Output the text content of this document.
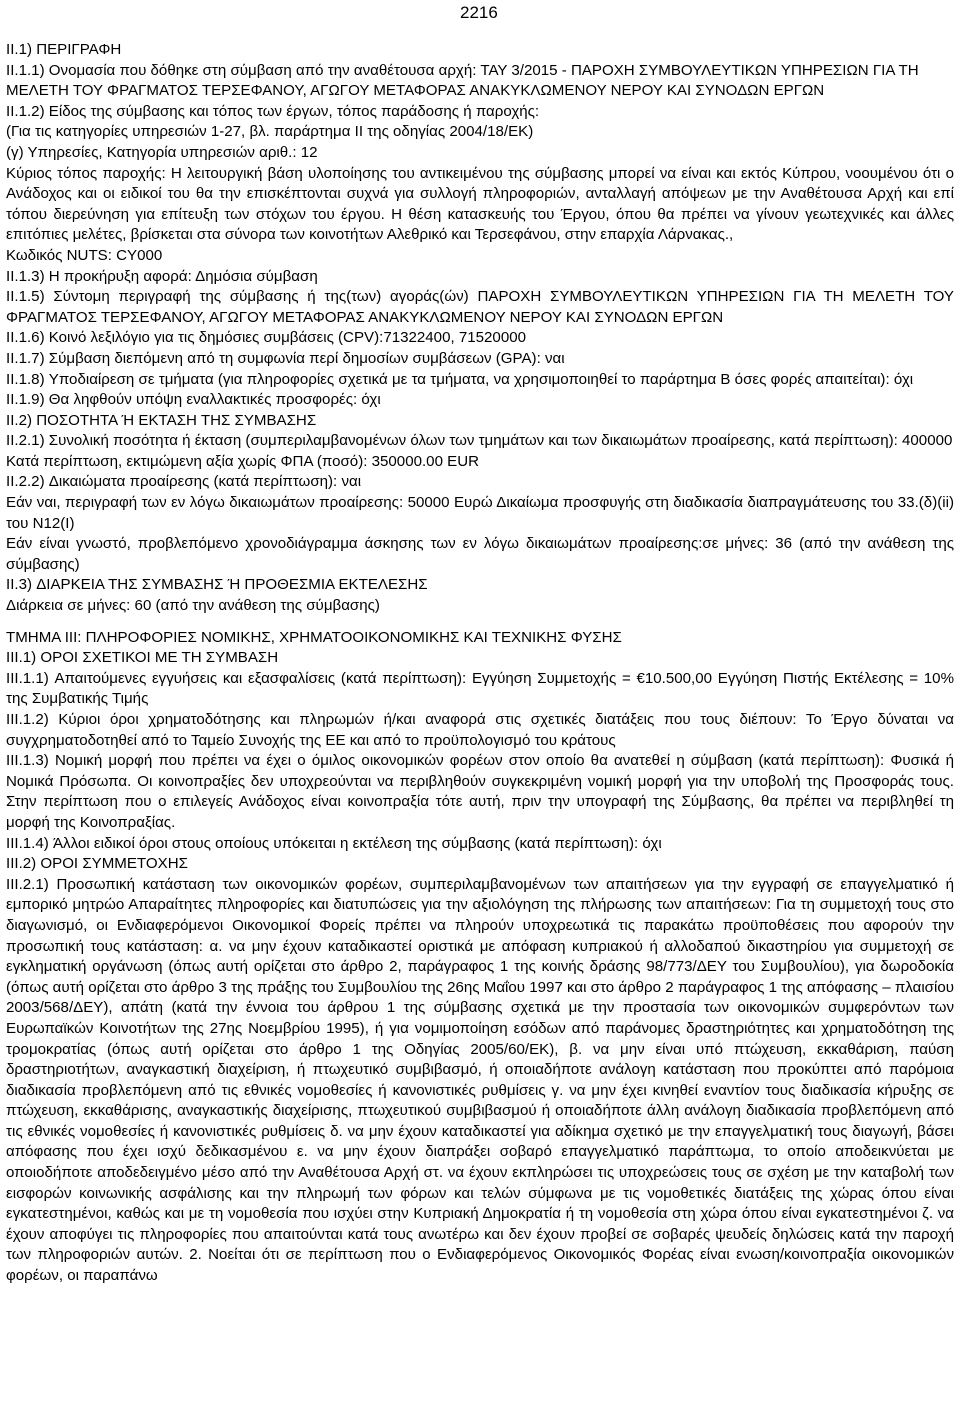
2216

II.1) ΠΕΡΙΓΡΑΦΗ

II.1.1) Ονομασία που δόθηκε στη σύμβαση από την αναθέτουσα αρχή: ΤΑΥ 3/2015 - ΠΑΡΟΧΗ ΣΥΜΒΟΥΛΕΥΤΙΚΩΝ ΥΠΗΡΕΣΙΩΝ ΓΙΑ ΤΗ ΜΕΛΕΤΗ ΤΟΥ ΦΡΑΓΜΑΤΟΣ ΤΕΡΣΕΦΑΝΟΥ, ΑΓΩΓΟΥ ΜΕΤΑΦΟΡΑΣ ΑΝΑΚΥΚΛΩΜΕΝΟΥ ΝΕΡΟΥ ΚΑΙ ΣΥΝΟΔΩΝ ΕΡΓΩΝ

II.1.2) Είδος της σύμβασης και τόπος των έργων, τόπος παράδοσης ή παροχής:

(Για τις κατηγορίες υπηρεσιών 1-27, βλ. παράρτημα II της οδηγίας 2004/18/ΕΚ)

(γ) Υπηρεσίες, Κατηγορία υπηρεσιών αριθ.: 12

Κύριος τόπος παροχής: Η λειτουργική βάση υλοποίησης του αντικειμένου της σύμβασης μπορεί να είναι και εκτός Κύπρου, νοουμένου ότι ο Ανάδοχος και οι ειδικοί του θα την επισκέπτονται συχνά για συλλογή πληροφοριών, ανταλλαγή απόψεων με την Αναθέτουσα Αρχή και επί τόπου διερεύνηση για επίτευξη των στόχων του έργου. Η θέση κατασκευής του Έργου, όπου θα πρέπει να γίνουν γεωτεχνικές και άλλες επιτόπιες μελέτες, βρίσκεται στα σύνορα των κοινοτήτων Αλεθρικό και Τερσεφάνου, στην επαρχία Λάρνακας.,

Κωδικός NUTS: CY000

II.1.3) Η προκήρυξη αφορά: Δημόσια σύμβαση

II.1.5) Σύντομη περιγραφή της σύμβασης ή της(των) αγοράς(ών) ΠΑΡΟΧΗ ΣΥΜΒΟΥΛΕΥΤΙΚΩΝ ΥΠΗΡΕΣΙΩΝ ΓΙΑ ΤΗ ΜΕΛΕΤΗ ΤΟΥ ΦΡΑΓΜΑΤΟΣ ΤΕΡΣΕΦΑΝΟΥ, ΑΓΩΓΟΥ ΜΕΤΑΦΟΡΑΣ ΑΝΑΚΥΚΛΩΜΕΝΟΥ ΝΕΡΟΥ ΚΑΙ ΣΥΝΟΔΩΝ ΕΡΓΩΝ

II.1.6) Κοινό λεξιλόγιο για τις δημόσιες συμβάσεις (CPV):71322400, 71520000

II.1.7) Σύμβαση διεπόμενη από τη συμφωνία περί δημοσίων συμβάσεων (GPA): ναι

II.1.8) Υποδιαίρεση σε τμήματα (για πληροφορίες σχετικά με τα τμήματα, να χρησιμοποιηθεί το παράρτημα B όσες φορές απαιτείται): όχι

II.1.9) Θα ληφθούν υπόψη εναλλακτικές προσφορές: όχι

II.2) ΠΟΣΟΤΗΤΑ Ή ΕΚΤΑΣΗ ΤΗΣ ΣΥΜΒΑΣΗΣ

II.2.1) Συνολική ποσότητα ή έκταση (συμπεριλαμβανομένων όλων των τμημάτων και των δικαιωμάτων προαίρεσης, κατά περίπτωση): 400000

Κατά περίπτωση, εκτιμώμενη αξία χωρίς ΦΠΑ (ποσό): 350000.00 EUR

II.2.2) Δικαιώματα προαίρεσης (κατά περίπτωση): ναι

Εάν ναι, περιγραφή των εν λόγω δικαιωμάτων προαίρεσης: 50000 Ευρώ Δικαίωμα προσφυγής στη διαδικασία διαπραγμάτευσης του 33.(δ)(ii) του Ν12(Ι)

Εάν είναι γνωστό, προβλεπόμενο χρονοδιάγραμμα άσκησης των εν λόγω δικαιωμάτων προαίρεσης:σε μήνες: 36 (από την ανάθεση της σύμβασης)

II.3) ΔΙΑΡΚΕΙΑ ΤΗΣ ΣΥΜΒΑΣΗΣ Ή ΠΡΟΘΕΣΜΙΑ ΕΚΤΕΛΕΣΗΣ

Διάρκεια σε μήνες: 60 (από την ανάθεση της σύμβασης)

ΤΜΗΜΑ III: ΠΛΗΡΟΦΟΡΙΕΣ ΝΟΜΙΚΗΣ, ΧΡΗΜΑΤΟΟΙΚΟΝΟΜΙΚΗΣ ΚΑΙ ΤΕΧΝΙΚΗΣ ΦΥΣΗΣ

III.1) ΟΡΟΙ ΣΧΕΤΙΚΟΙ ΜΕ ΤΗ ΣΥΜΒΑΣΗ

III.1.1) Απαιτούμενες εγγυήσεις και εξασφαλίσεις (κατά περίπτωση): Εγγύηση Συμμετοχής = €10.500,00 Εγγύηση Πιστής Εκτέλεσης = 10% της Συμβατικής Τιμής

III.1.2) Κύριοι όροι χρηματοδότησης και πληρωμών ή/και αναφορά στις σχετικές διατάξεις που τους διέπουν: Το Έργο δύναται να συγχρηματοδοτηθεί από το Ταμείο Συνοχής της ΕΕ και από το προϋπολογισμό του κράτους

III.1.3) Νομική μορφή που πρέπει να έχει ο όμιλος οικονομικών φορέων στον οποίο θα ανατεθεί η σύμβαση (κατά περίπτωση): Φυσικά ή Νομικά Πρόσωπα. Οι κοινοπραξίες δεν υποχρεούνται να περιβληθούν συγκεκριμένη νομική μορφή για την υποβολή της Προσφοράς τους. Στην περίπτωση που ο επιλεγείς Ανάδοχος είναι κοινοπραξία τότε αυτή, πριν την υπογραφή της Σύμβασης, θα πρέπει να περιβληθεί τη μορφή της Κοινοπραξίας.

III.1.4) Άλλοι ειδικοί όροι στους οποίους υπόκειται η εκτέλεση της σύμβασης (κατά περίπτωση): όχι

III.2) ΟΡΟΙ ΣΥΜΜΕΤΟΧΗΣ

III.2.1) Προσωπική κατάσταση των οικονομικών φορέων, συμπεριλαμβανομένων των απαιτήσεων για την εγγραφή σε επαγγελματικό ή εμπορικό μητρώο Απαραίτητες πληροφορίες και διατυπώσεις για την αξιολόγηση της πλήρωσης των απαιτήσεων: Για τη συμμετοχή τους στο διαγωνισμό, οι Ενδιαφερόμενοι Οικονομικοί Φορείς πρέπει να πληρούν υποχρεωτικά τις παρακάτω προϋποθέσεις που αφορούν την προσωπική τους κατάσταση: α. να μην έχουν καταδικαστεί οριστικά με απόφαση κυπριακού ή αλλοδαπού δικαστηρίου για συμμετοχή σε εγκληματική οργάνωση (όπως αυτή ορίζεται στο άρθρο 2, παράγραφος 1 της κοινής δράσης 98/773/ΔΕΥ του Συμβουλίου), για δωροδοκία (όπως αυτή ορίζεται στο άρθρο 3 της πράξης του Συμβουλίου της 26ης Μαΐου 1997 και στο άρθρο 2 παράγραφος 1 της απόφασης – πλαισίου 2003/568/ΔΕΥ), απάτη (κατά την έννοια του άρθρου 1 της σύμβασης σχετικά με την προστασία των οικονομικών συμφερόντων των Ευρωπαϊκών Κοινοτήτων της 27ης Νοεμβρίου 1995), ή για νομιμοποίηση εσόδων από παράνομες δραστηριότητες και χρηματοδότηση της τρομοκρατίας (όπως αυτή ορίζεται στο άρθρο 1 της Οδηγίας 2005/60/ΕΚ), β. να μην είναι υπό πτώχευση, εκκαθάριση, παύση δραστηριοτήτων, αναγκαστική διαχείριση, ή πτωχευτικό συμβιβασμό, ή οποιαδήποτε ανάλογη κατάσταση που προκύπτει από παρόμοια διαδικασία προβλεπόμενη από τις εθνικές νομοθεσίες ή κανονιστικές ρυθμίσεις γ. να μην έχει κινηθεί εναντίον τους διαδικασία κήρυξης σε πτώχευση, εκκαθάρισης, αναγκαστικής διαχείρισης, πτωχευτικού συμβιβασμού ή οποιαδήποτε άλλη ανάλογη διαδικασία προβλεπόμενη από τις εθνικές νομοθεσίες ή κανονιστικές ρυθμίσεις δ. να μην έχουν καταδικαστεί για αδίκημα σχετικό με την επαγγελματική τους διαγωγή, βάσει απόφασης που έχει ισχύ δεδικασμένου ε. να μην έχουν διαπράξει σοβαρό επαγγελματικό παράπτωμα, το οποίο αποδεικνύεται με οποιοδήποτε αποδεδειγμένο μέσο από την Αναθέτουσα Αρχή στ. να έχουν εκπληρώσει τις υποχρεώσεις τους σε σχέση με την καταβολή των εισφορών κοινωνικής ασφάλισης και την πληρωμή των φόρων και τελών σύμφωνα με τις νομοθετικές διατάξεις της χώρας όπου είναι εγκατεστημένοι, καθώς και με τη νομοθεσία που ισχύει στην Κυπριακή Δημοκρατία ή τη νομοθεσία στη χώρα όπου είναι εγκατεστημένοι ζ. να έχουν αποφύγει τις πληροφορίες που απαιτούνται κατά τους ανωτέρω και δεν έχουν προβεί σε σοβαρές ψευδείς δηλώσεις κατά την παροχή των πληροφοριών αυτών. 2. Νοείται ότι σε περίπτωση που ο Ενδιαφερόμενος Οικονομικός Φορέας είναι ενωση/κοινοπραξία οικονομικών φορέων, οι παραπάνω
